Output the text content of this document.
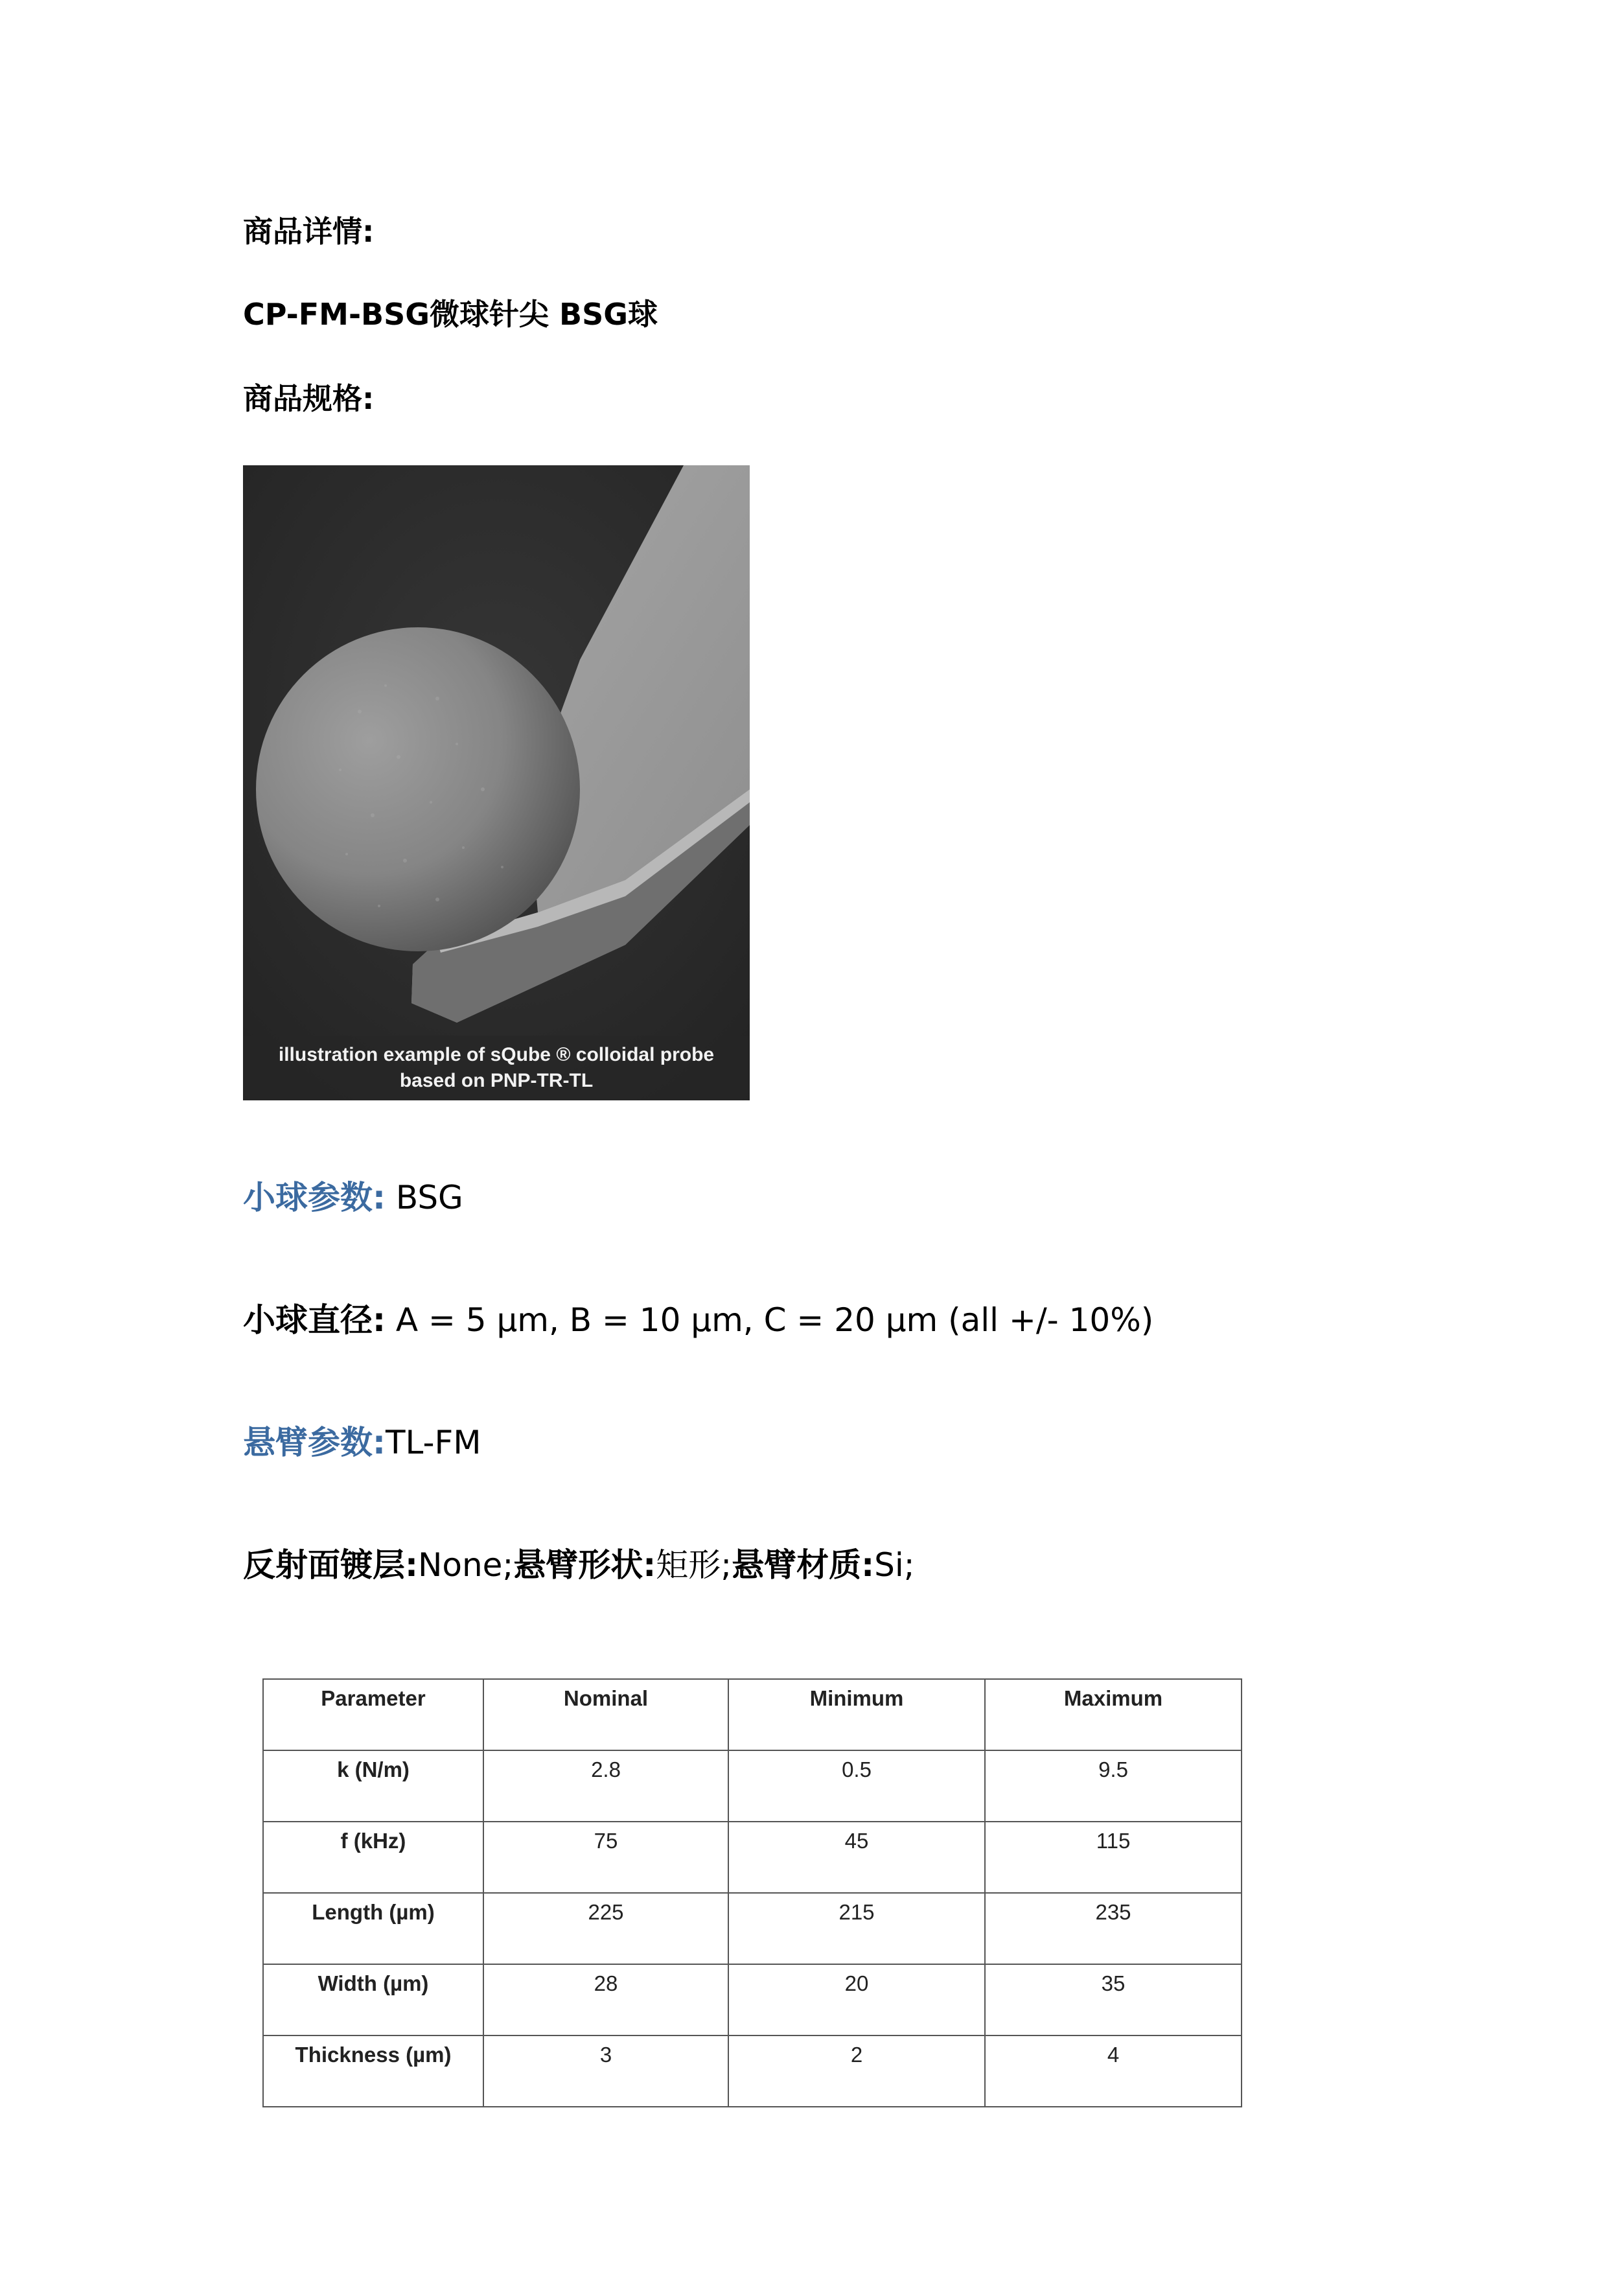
商品详情:
CP-FM-BSG微球针尖 BSG球
商品规格:
illustration example of sQube ® colloidal probe
based on PNP-TR-TL
小球参数: BSG
小球直径: A = 5 µm, B = 10 µm, C = 20 µm (all +/- 10%)
悬臂参数:TL-FM
反射面镀层:None;悬臂形状:矩形;悬臂材质:Si;
Parameter	Nominal	Minimum	Maximum
k (N/m)	2.8	0.5	9.5
f (kHz)	75	45	115
Length (µm)	225	215	235
Width (µm)	28	20	35
Thickness (µm)	3	2	4
